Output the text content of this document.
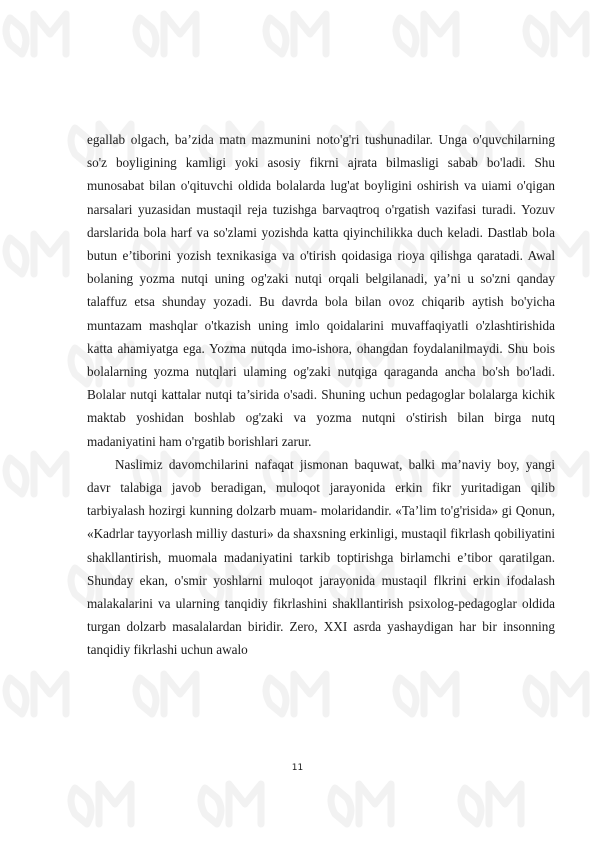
egallab olgach, ba’zida matn mazmunini noto'g'ri tushunadilar. Unga o'quvchilarning so'z boyligining kamligi yoki asosiy fikrni ajrata bilmasligi sabab bo'ladi. Shu munosabat bilan o'qituvchi oldida bolalarda lug'at boyligini oshirish va uiami o'qigan narsalari yuzasidan mustaqil reja tuzishga barvaqtroq o'rgatish vazifasi turadi. Yozuv darslarida bola harf va so'zlami yozishda katta qiyinchilikka duch keladi. Dastlab bola butun e’tiborini yozish texnikasiga va o'tirish qoidasiga rioya qilishga qaratadi. Awal bolaning yozma nutqi uning og'zaki nutqi orqali belgilanadi, ya’ni u so'zni qanday talaffuz etsa shunday yozadi. Bu davrda bola bilan ovoz chiqarib aytish bo'yicha muntazam mashqlar o'tkazish uning imlo qoidalarini muvaffaqiyatli o'zlashtirishida katta ahamiyatga ega. Yozma nutqda imo-ishora, ohangdan foydalanilmaydi. Shu bois bolalarning yozma nutqlari ulaming og'zaki nutqiga qaraganda ancha bo'sh bo'ladi. Bolalar nutqi kattalar nutqi ta’sirida o'sadi. Shuning uchun pedagoglar bolalarga kichik maktab yoshidan boshlab og'zaki va yozma nutqni o'stirish bilan birga nutq madaniyatini ham o'rgatib borishlari zarur.

Naslimiz davomchilarini nafaqat jismonan baquwat, balki ma’naviy boy, yangi davr talabiga javob beradigan, muloqot jarayonida erkin fikr yuritadigan qilib tarbiyalash hozirgi kunning dolzarb muam- molaridandir. «Ta’lim to'g'risida» gi Qonun, «Kadrlar tayyorlash milliy dasturi» da shaxsning erkinligi, mustaqil fikrlash qobiliyatini shakllantirish, muomala madaniyatini tarkib toptirishga birlamchi e’tibor qaratilgan. Shunday ekan, o'smir yoshlarni muloqot jarayonida mustaqil flkrini erkin ifodalash malakalarini va ularning tanqidiy fikrlashini shakllantirish psixolog-pedagoglar oldida turgan dolzarb masalalardan biridir. Zero, XXI asrda yashaydigan har bir insonning tanqidiy fikrlashi uchun awalo

11
